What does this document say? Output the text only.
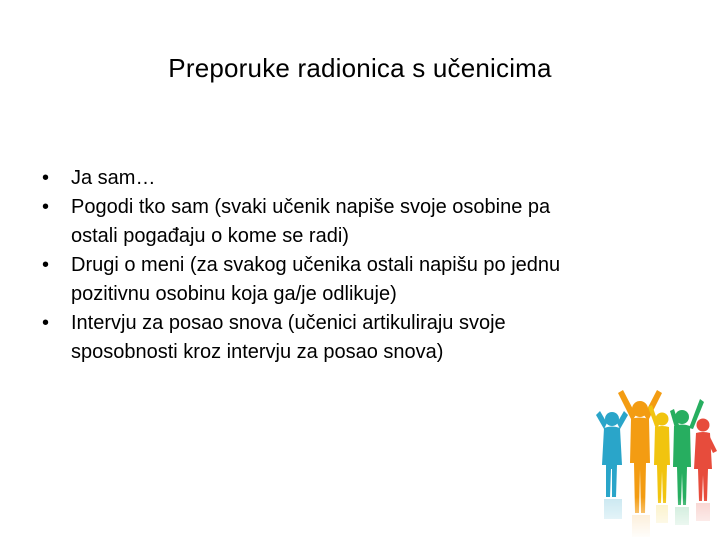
Preporuke radionica s učenicima
•	Ja sam…
•	Pogodi tko sam (svaki učenik napiše svoje osobine pa
ostali pogađaju o kome se radi)
•	Drugi o meni (za svakog učenika ostali napišu po jednu
pozitivnu osobinu koja ga/je odlikuje)
•	Intervju za posao snova (učenici artikuliraju svoje
sposobnosti kroz intervju za posao snova)
